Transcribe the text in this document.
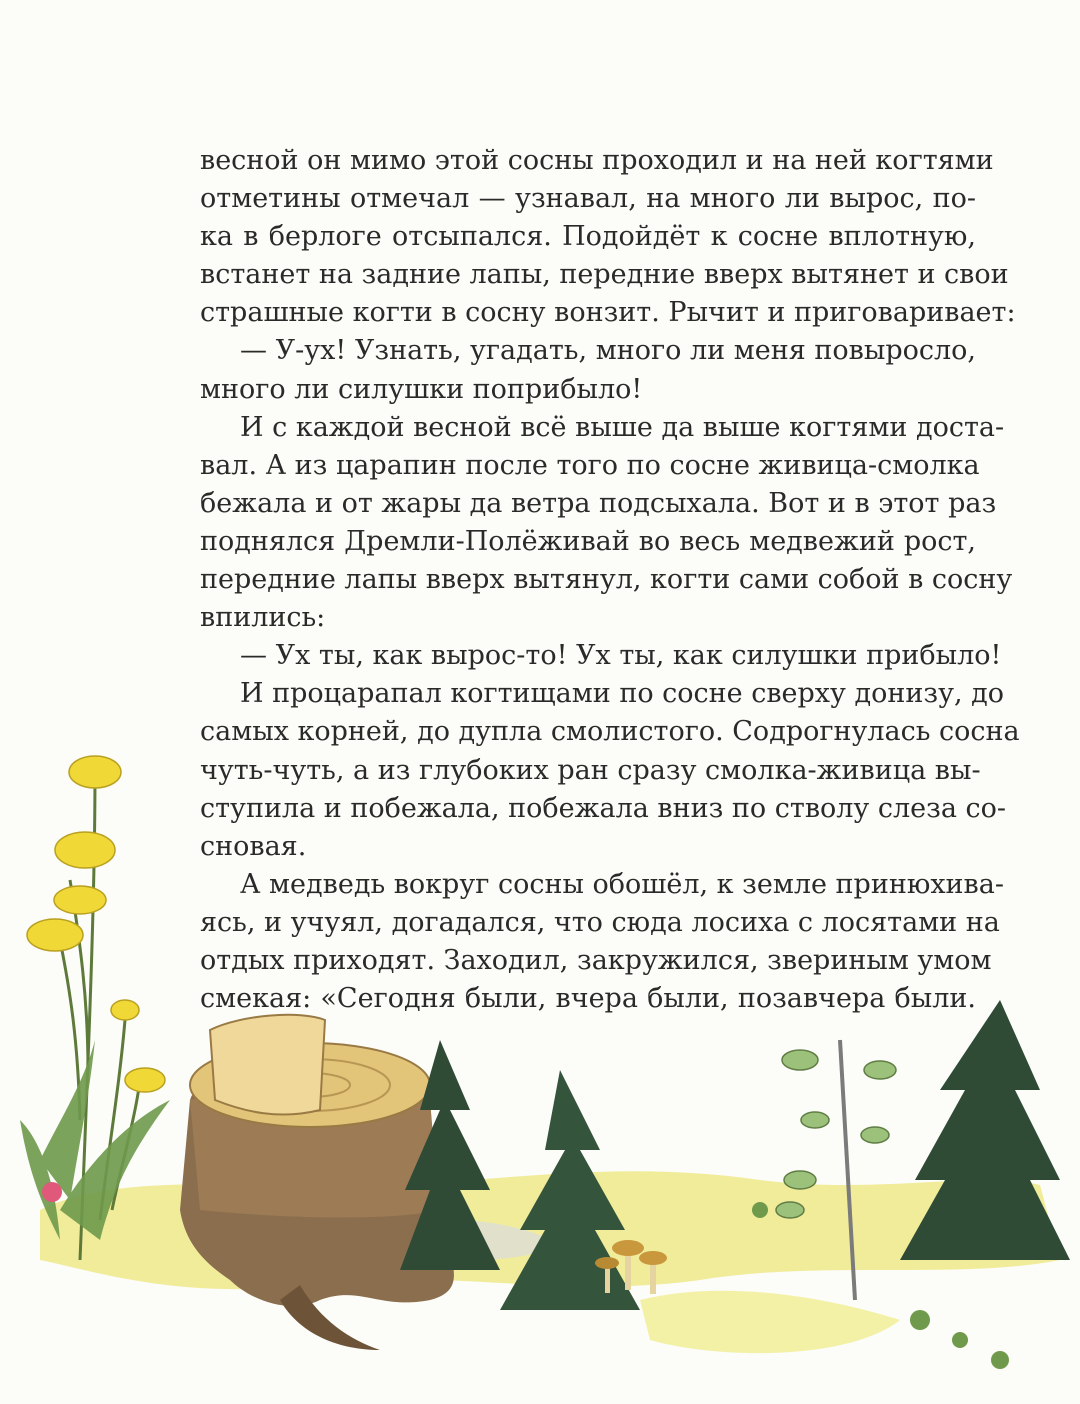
весной он мимо этой сосны проходил и на ней когтями
отметины отмечал — узнавал, на много ли вырос, по-
ка в берлоге отсыпался. Подойдёт к сосне вплотную,
встанет на задние лапы, передние вверх вытянет и свои
страшные когти в сосну вонзит. Рычит и приговаривает:

— У-ух! Узнать, угадать, много ли меня повыросло,
много ли силушки поприбыло!

И с каждой весной всё выше да выше когтями доста-
вал. А из царапин после того по сосне живица-смолка
бежала и от жары да ветра подсыхала. Вот и в этот раз
поднялся Дремли-Полёживай во весь медвежий рост,
передние лапы вверх вытянул, когти сами собой в сосну
впились:

— Ух ты, как вырос-то! Ух ты, как силушки прибыло!

И процарапал когтищами по сосне сверху донизу, до
самых корней, до дупла смолистого. Содрогнулась сосна
чуть-чуть, а из глубоких ран сразу смолка-живица вы-
ступила и побежала, побежала вниз по стволу слеза со-
сновая.

А медведь вокруг сосны обошёл, к земле принюхива-
ясь, и учуял, догадался, что сюда лосиха с лосятами на
отдых приходят. Заходил, закружился, звериным умом
смекая: «Сегодня были, вчера были, позавчера были.
